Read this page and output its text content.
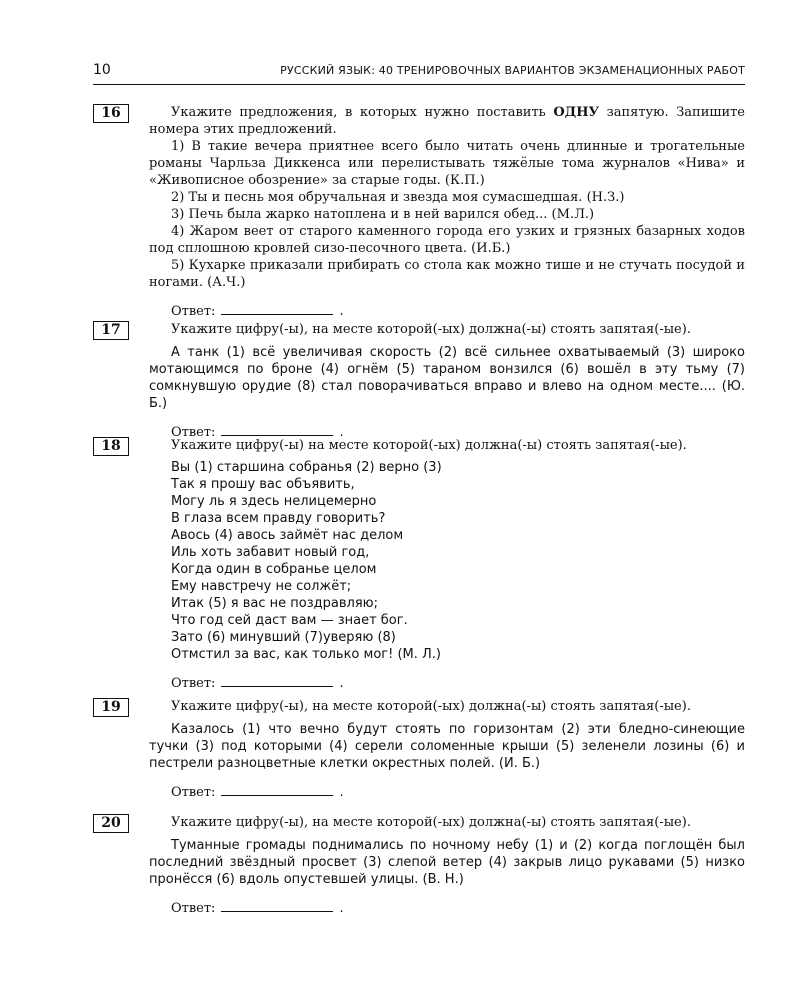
10	РУССКИЙ ЯЗЫК: 40 ТРЕНИРОВОЧНЫХ ВАРИАНТОВ ЭКЗАМЕНАЦИОННЫХ РАБОТ
16	Укажите предложения, в которых нужно поставить ОДНУ запятую. Запишите номера этих предложений.
1) В такие вечера приятнее всего было читать очень длинные и трогательные романы Чарльза Диккенса или перелистывать тяжёлые тома журналов «Нива» и «Живописное обозрение» за старые годы. (К.П.)
2) Ты и песнь моя обручальная и звезда моя сумасшедшая. (Н.З.)
3) Печь была жарко натоплена и в ней варился обед... (М.Л.)
4) Жаром веет от старого каменного города его узких и грязных базарных ходов под сплошною кровлей сизо-песочного цвета. (И.Б.)
5) Кухарке приказали прибирать со стола как можно тише и не стучать посудой и ногами. (А.Ч.)
Ответ:	.
17	Укажите цифру(-ы), на месте которой(-ых) должна(-ы) стоять запятая(-ые).
А танк (1) всё увеличивая скорость (2) всё сильнее охватываемый (3) широко мотающимся по броне (4) огнём (5) тараном вонзился (6) вошёл в эту тьму (7) сомкнувшую орудие (8) стал поворачиваться вправо и влево на одном месте.... (Ю. Б.)
Ответ:	.
18	Укажите цифру(-ы) на месте которой(-ых) должна(-ы) стоять запятая(-ые).
Вы (1) старшина собранья (2) верно (3)
Так я прошу вас объявить,
Могу ль я здесь нелицемерно
В глаза всем правду говорить?
Авось (4) авось займёт нас делом
Иль хоть забавит новый год,
Когда один в собранье целом
Ему навстречу не солжёт;
Итак (5) я вас не поздравляю;
Что год сей даст вам — знает бог.
Зато (6) минувший (7)уверяю (8)
Отмстил за вас, как только мог! (М. Л.)
Ответ:	.
19	Укажите цифру(-ы), на месте которой(-ых) должна(-ы) стоять запятая(-ые).
Казалось (1) что вечно будут стоять по горизонтам (2) эти бледно-синеющие тучки (3) под которыми (4) серели соломенные крыши (5) зеленели лозины (6) и пестрели разноцветные клетки окрестных полей. (И. Б.)
Ответ:	.
20	Укажите цифру(-ы), на месте которой(-ых) должна(-ы) стоять запятая(-ые).
Туманные громады поднимались по ночному небу (1) и (2) когда поглощён был последний звёздный просвет (3) слепой ветер (4) закрыв лицо рукавами (5) низко пронёсся (6) вдоль опустевшей улицы. (В. Н.)
Ответ:	.
